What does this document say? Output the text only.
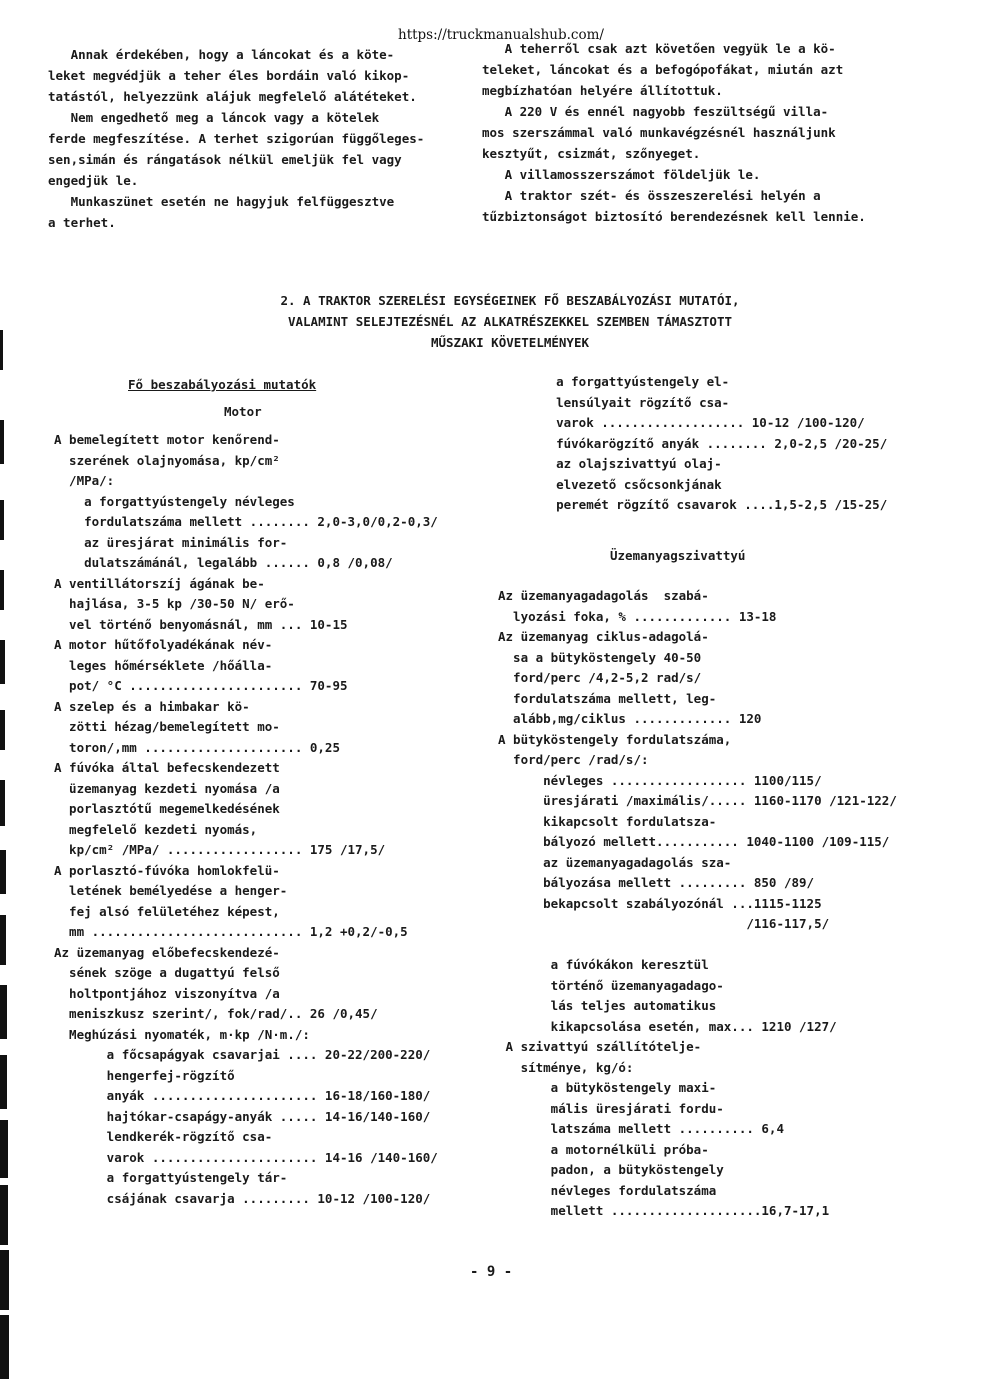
https://truckmanualshub.com/
Annak érdekében, hogy a láncokat és a köte-
leket megvédjük a teher éles bordáin való kikop-
tatástól, helyezzünk alájuk megfelelő alátéteket.
Nem engedhető meg a láncok vagy a kötelek
ferde megfeszítése. A terhet szigorúan függőleges-
sen,simán és rángatások nélkül emeljük fel vagy
engedjük le.
Munkaszünet esetén ne hagyjuk felfüggesztve
a terhet.
A teherről csak azt követően vegyük le a kö-
teleket, láncokat és a befogópofákat, miután azt
megbízhatóan helyére állítottuk.
A 220 V és ennél nagyobb feszültségű villa-
mos szerszámmal való munkavégzésnél használjunk
kesztyűt, csizmát, szőnyeget.
A villamosszerszámot földeljük le.
A traktor szét- és összeszerelési helyén a
tűzbiztonságot biztosító berendezésnek kell lennie.
2. A TRAKTOR SZERELÉSI EGYSÉGEINEK FŐ BESZABÁLYOZÁSI MUTATÓI,
VALAMINT SELEJTEZÉSNÉL AZ ALKATRÉSZEKKEL SZEMBEN TÁMASZTOTT
MŰSZAKI KÖVETELMÉNYEK
Fő beszabályozási mutatók
Motor
A bemelegített motor kenőrend-
szerének olajnyomása, kp/cm²
/MPa/:
a forgattyústengely névleges
fordulatszáma mellett ........ 2,0-3,0/0,2-0,3/
az üresjárat minimális for-
dulatszámánál, legalább ...... 0,8 /0,08/
A ventillátorszíj ágának be-
hajlása, 3-5 kp /30-50 N/ erő-
vel történő benyomásnál, mm ... 10-15
A motor hűtőfolyadékának név-
leges hőmérséklete /hőálla-
pot/ °C ....................... 70-95
A szelep és a himbakar kö-
zötti hézag/bemelegített mo-
toron/,mm ..................... 0,25
A fúvóka által befecskendezett
üzemanyag kezdeti nyomása /a
porlasztótű megemelkedésének
megfelelő kezdeti nyomás,
kp/cm² /MPa/ .................. 175 /17,5/
A porlasztó-fúvóka homlokfelü-
letének bemélyedése a henger-
fej alsó felületéhez képest,
mm ............................ 1,2 +0,2/-0,5
Az üzemanyag előbefecskendezé-
sének szöge a dugattyú felső
holtpontjához viszonyítva /a
meniszkusz szerint/, fok/rad/.. 26 /0,45/
Meghúzási nyomaték, m·kp /N·m./:
a főcsapágyak csavarjai .... 20-22/200-220/
hengerfej-rögzítő
anyák ...................... 16-18/160-180/
hajtókar-csapágy-anyák ..... 14-16/140-160/
lendkerék-rögzítő csa-
varok ...................... 14-16 /140-160/
a forgattyústengely tár-
csájának csavarja ......... 10-12 /100-120/
a forgattyústengely el-
lensúlyait rögzítő csa-
varok ................... 10-12 /100-120/
fúvókarögzítő anyák ........ 2,0-2,5 /20-25/
az olajszivattyú olaj-
elvezető csőcsonkjának
peremét rögzítő csavarok ....1,5-2,5 /15-25/
Üzemanyagszivattyú
Az üzemanyagadagolás  szabá-
lyozási foka, % ............. 13-18
Az üzemanyag ciklus-adagolá-
sa a bütyköstengely 40-50
ford/perc /4,2-5,2 rad/s/
fordulatszáma mellett, leg-
alább,mg/ciklus ............. 120
A bütyköstengely fordulatszáma,
ford/perc /rad/s/:
névleges .................. 1100/115/
üresjárati /maximális/..... 1160-1170 /121-122/
kikapcsolt fordulatsza-
bályozó mellett........... 1040-1100 /109-115/
az üzemanyagadagolás sza-
bályozása mellett ......... 850 /89/
bekapcsolt szabályozónál ...1115-1125
/116-117,5/
a fúvókákon keresztül
történő üzemanyagadago-
lás teljes automatikus
kikapcsolása esetén, max... 1210 /127/
A szivattyú szállítótelje-
sítménye, kg/ó:
a bütyköstengely maxi-
mális üresjárati fordu-
latszáma mellett .......... 6,4
a motornélküli próba-
padon, a bütyköstengely
névleges fordulatszáma
mellett ....................16,7-17,1
- 9 -
